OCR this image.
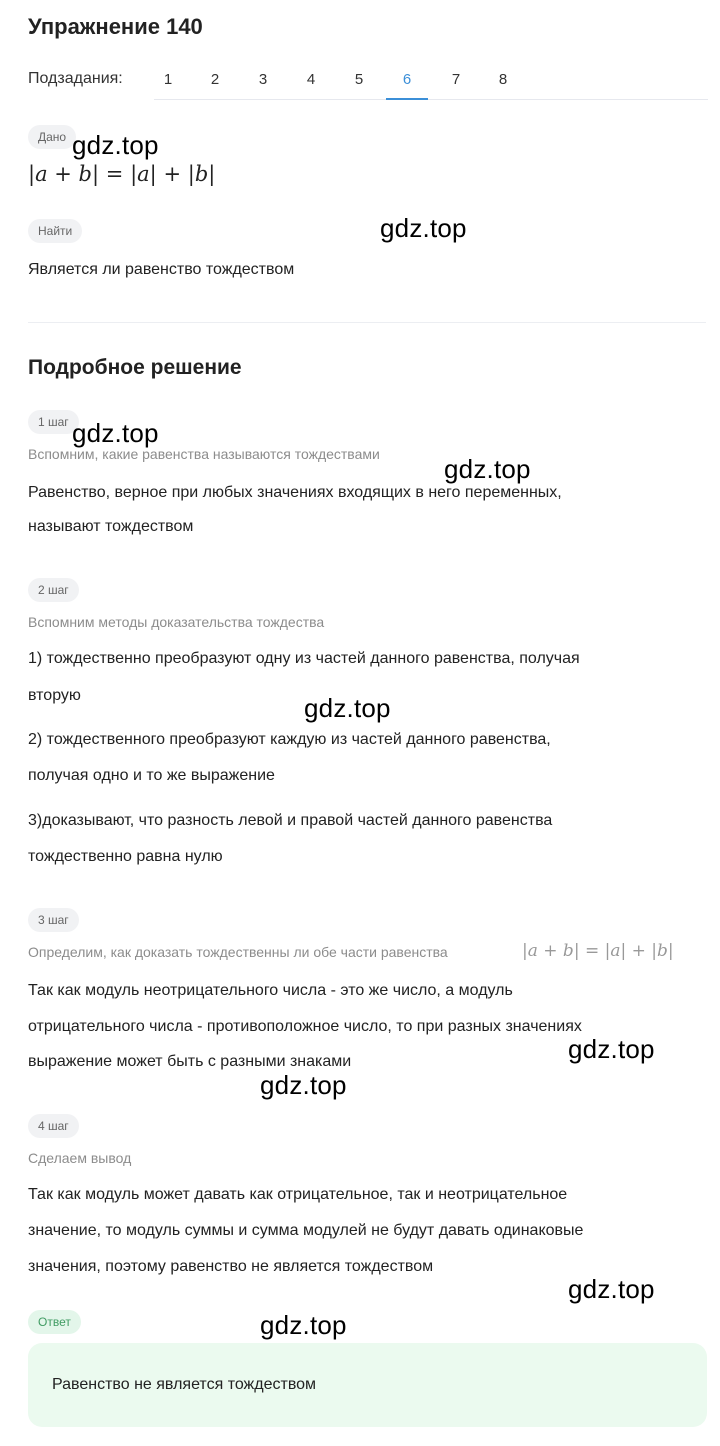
Упражнение 140
Подзадания:	1	2	3	4	5	6	7	8
Дано
|a + b| = |a| + |b|
Найти
Является ли равенство тождеством
Подробное решение
1 шаг
Вспомним, какие равенства называются тождествами
Равенство, верное при любых значениях входящих в него переменных,
называют тождеством
2 шаг
Вспомним методы доказательства тождества
1) тождественно преобразуют одну из частей данного равенства, получая
вторую
2) тождественного преобразуют каждую из частей данного равенства,
получая одно и то же выражение
3)доказывают, что разность левой и правой частей данного равенства
тождественно равна нулю
3 шаг
Определим, как доказать тождественны ли обе части равенства	|a + b| = |a| + |b|
Так как модуль неотрицательного числа - это же число, а модуль
отрицательного числа - противоположное число, то при разных значениях
выражение может быть с разными знаками
4 шаг
Сделаем вывод
Так как модуль может давать как отрицательное, так и неотрицательное
значение, то модуль суммы и сумма модулей не будут давать одинаковые
значения, поэтому равенство не является тождеством
Ответ
Равенство не является тождеством
gdz.top
gdz.top
gdz.top
gdz.top
gdz.top
gdz.top
gdz.top
gdz.top
gdz.top
